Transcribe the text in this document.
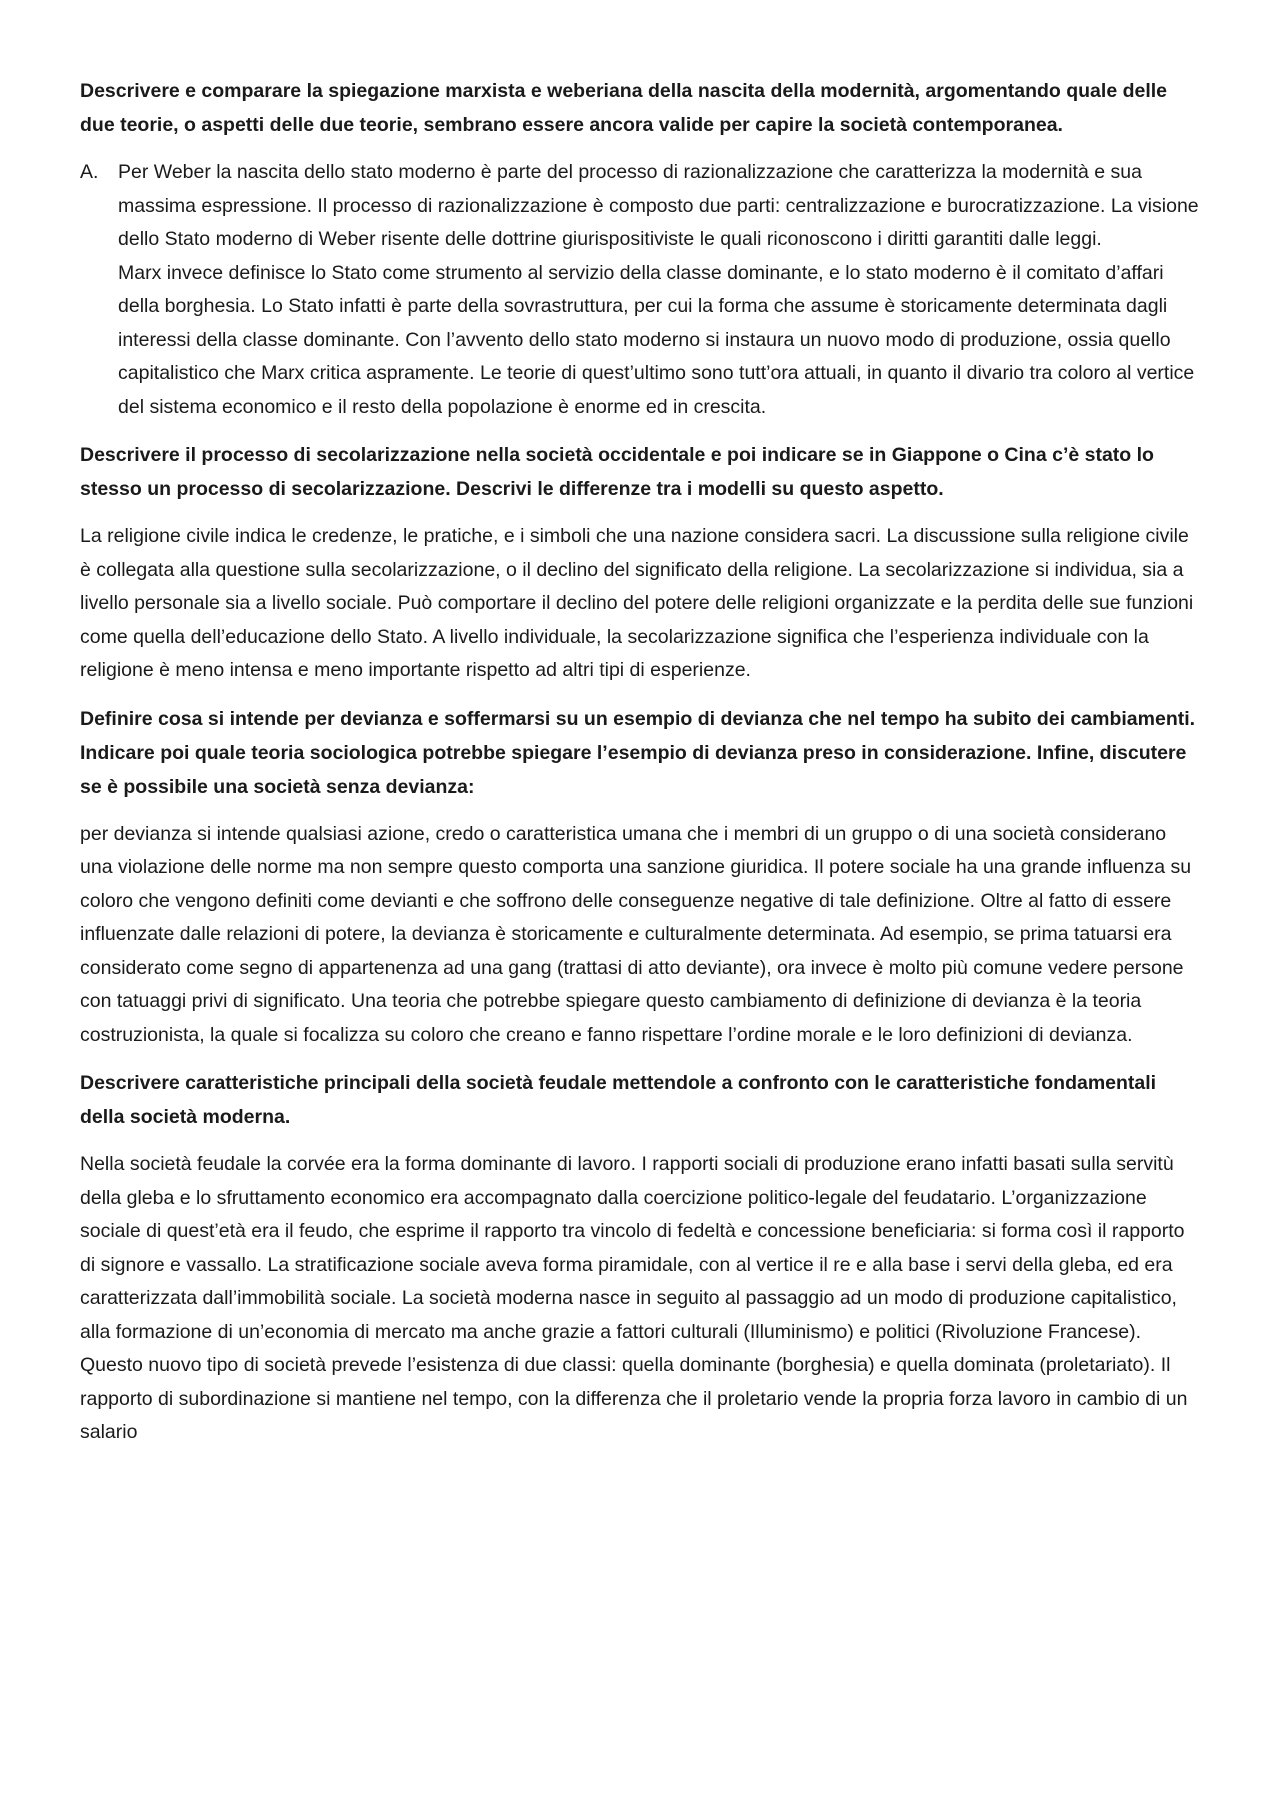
Descrivere e comparare la spiegazione marxista e weberiana della nascita della modernità, argomentando quale delle due teorie, o aspetti delle due teorie, sembrano essere ancora valide per capire la società contemporanea.

A.	Per Weber la nascita dello stato moderno è parte del processo di razionalizzazione che caratterizza la modernità e sua massima espressione. Il processo di razionalizzazione è composto due parti: centralizzazione e burocratizzazione. La visione dello Stato moderno di Weber risente delle dottrine giurispositiviste le quali riconoscono i diritti garantiti dalle leggi.

Marx invece definisce lo Stato come strumento al servizio della classe dominante, e lo stato moderno è il comitato d’affari della borghesia. Lo Stato infatti è parte della sovrastruttura, per cui la forma che assume è storicamente determinata dagli interessi della classe dominante. Con l’avvento dello stato moderno si instaura un nuovo modo di produzione, ossia quello capitalistico che Marx critica aspramente. Le teorie di quest’ultimo sono tutt’ora attuali, in quanto il divario tra coloro al vertice del sistema economico e il resto della popolazione è enorme ed in crescita.

Descrivere il processo di secolarizzazione nella società occidentale e poi indicare se in Giappone o Cina c’è stato lo stesso un processo di secolarizzazione. Descrivi le differenze tra i modelli su questo aspetto.

La religione civile indica le credenze, le pratiche, e i simboli che una nazione considera sacri. La discussione sulla religione civile è collegata alla questione sulla secolarizzazione, o il declino del significato della religione. La secolarizzazione si individua, sia a livello personale sia a livello sociale. Può comportare il declino del potere delle religioni organizzate e la perdita delle sue funzioni come quella dell’educazione dello Stato. A livello individuale, la secolarizzazione significa che l’esperienza individuale con la religione è meno intensa e meno importante rispetto ad altri tipi di esperienze.

Definire cosa si intende per devianza e soffermarsi su un esempio di devianza che nel tempo ha subito dei cambiamenti. Indicare poi quale teoria sociologica potrebbe spiegare l’esempio di devianza preso in considerazione. Infine, discutere se è possibile una società senza devianza:

per devianza si intende qualsiasi azione, credo o caratteristica umana che i membri di un gruppo o di una società considerano una violazione delle norme ma non sempre questo comporta una sanzione giuridica. Il potere sociale ha una grande influenza su coloro che vengono definiti come devianti e che soffrono delle conseguenze negative di tale definizione. Oltre al fatto di essere influenzate dalle relazioni di potere, la devianza è storicamente e culturalmente determinata. Ad esempio, se prima tatuarsi era considerato come segno di appartenenza ad una gang (trattasi di atto deviante), ora invece è molto più comune vedere persone con tatuaggi privi di significato. Una teoria che potrebbe spiegare questo cambiamento di definizione di devianza è la teoria costruzionista, la quale si focalizza su coloro che creano e fanno rispettare l’ordine morale e le loro definizioni di devianza.

Descrivere caratteristiche principali della società feudale mettendole a confronto con le caratteristiche fondamentali della società moderna.

Nella società feudale la corvée era la forma dominante di lavoro. I rapporti sociali di produzione erano infatti basati sulla servitù della gleba e lo sfruttamento economico era accompagnato dalla coercizione politico-legale del feudatario. L’organizzazione sociale di quest’età era il feudo, che esprime il rapporto tra vincolo di fedeltà e concessione beneficiaria: si forma così il rapporto di signore e vassallo. La stratificazione sociale aveva forma piramidale, con al vertice il re e alla base i servi della gleba, ed era caratterizzata dall’immobilità sociale. La società moderna nasce in seguito al passaggio ad un modo di produzione capitalistico, alla formazione di un’economia di mercato ma anche grazie a fattori culturali (Illuminismo) e politici (Rivoluzione Francese). Questo nuovo tipo di società prevede l’esistenza di due classi: quella dominante (borghesia) e quella dominata (proletariato). Il rapporto di subordinazione si mantiene nel tempo, con la differenza che il proletario vende la propria forza lavoro in cambio di un salario
